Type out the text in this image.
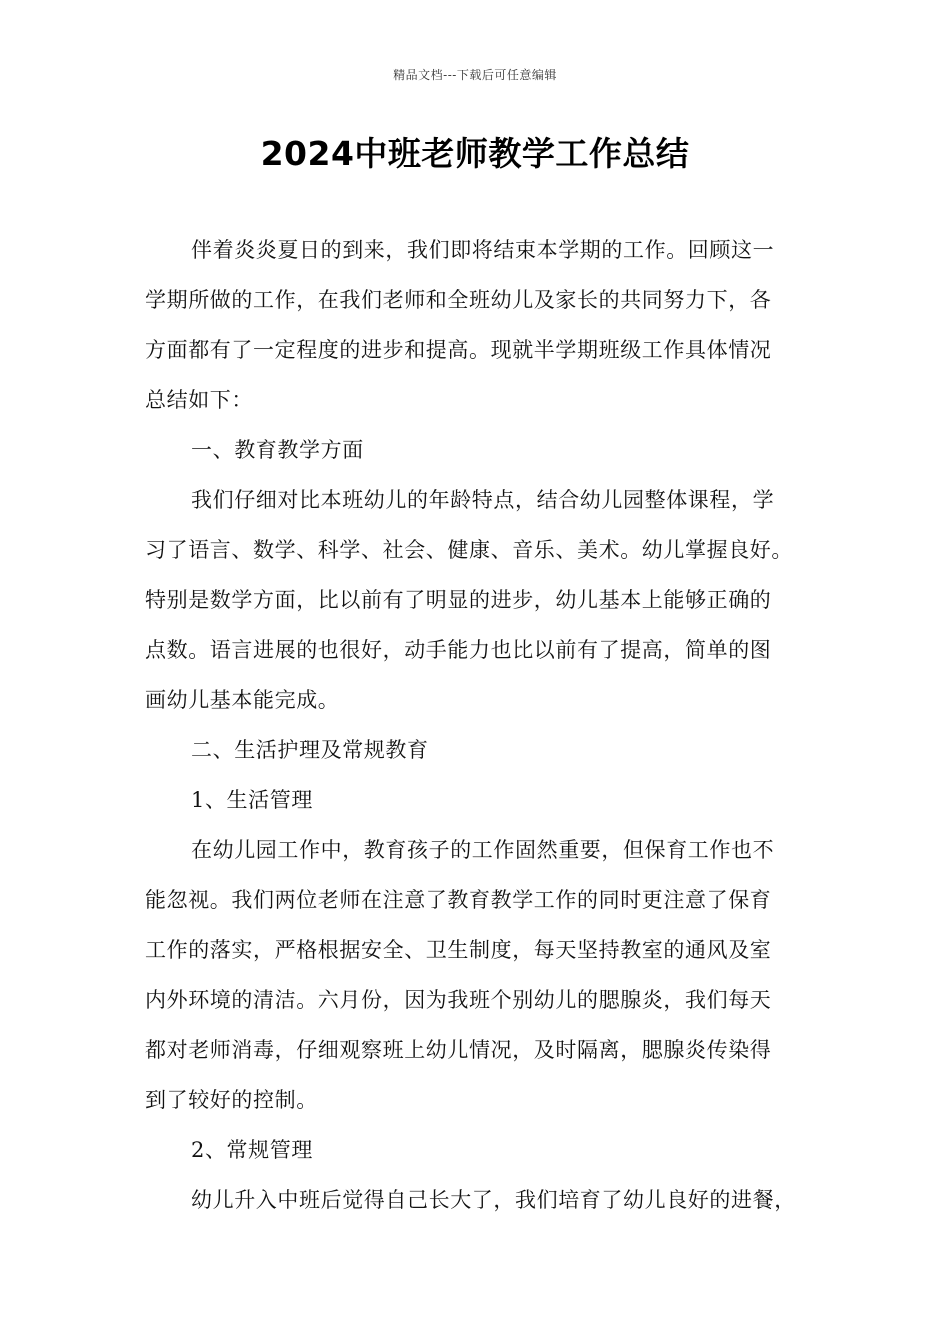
精品文档---下载后可任意编辑
2024中班老师教学工作总结
伴着炎炎夏日的到来，我们即将结束本学期的工作。回顾这一
学期所做的工作，在我们老师和全班幼儿及家长的共同努力下，各
方面都有了一定程度的进步和提高。现就半学期班级工作具体情况
总结如下：
一、教育教学方面
我们仔细对比本班幼儿的年龄特点，结合幼儿园整体课程，学
习了语言、数学、科学、社会、健康、音乐、美术。幼儿掌握良好。
特别是数学方面，比以前有了明显的进步，幼儿基本上能够正确的
点数。语言进展的也很好，动手能力也比以前有了提高，简单的图
画幼儿基本能完成。
二、生活护理及常规教育
1、生活管理
在幼儿园工作中，教育孩子的工作固然重要，但保育工作也不
能忽视。我们两位老师在注意了教育教学工作的同时更注意了保育
工作的落实，严格根据安全、卫生制度，每天坚持教室的通风及室
内外环境的清洁。六月份，因为我班个别幼儿的腮腺炎，我们每天
都对老师消毒，仔细观察班上幼儿情况，及时隔离，腮腺炎传染得
到了较好的控制。
2、常规管理
幼儿升入中班后觉得自己长大了，我们培育了幼儿良好的进餐，
